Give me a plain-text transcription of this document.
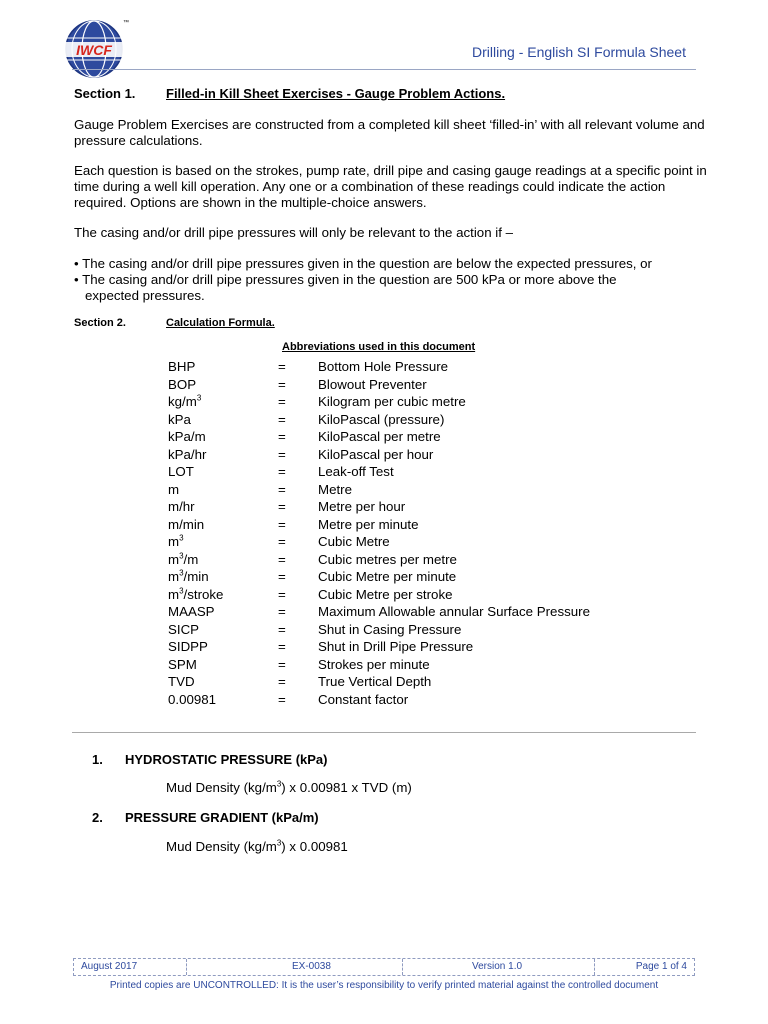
IWCF
™
Drilling - English SI Formula Sheet
Section 1. Filled-in Kill Sheet Exercises - Gauge Problem Actions.
Gauge Problem Exercises are constructed from a completed kill sheet ‘filled-in’ with all relevant volume and pressure calculations.
Each question is based on the strokes, pump rate, drill pipe and casing gauge readings at a specific point in time during a well kill operation. Any one or a combination of these readings could indicate the action required. Options are shown in the multiple-choice answers.
The casing and/or drill pipe pressures will only be relevant to the action if –
• The casing and/or drill pipe pressures given in the question are below the expected pressures, or
• The casing and/or drill pipe pressures given in the question are 500 kPa or more above the
expected pressures.
Section 2.	Calculation Formula.
Abbreviations used in this document
BHP	= Bottom Hole Pressure
BOP	= Blowout Preventer
$kg/m^3$	= Kilogram per cubic metre
kPa	= KiloPascal (pressure)
kPa/m	= KiloPascal per metre
kPa/hr	= KiloPascal per hour
LOT	= Leak-off Test
m	= Metre
m/hr	= Metre per hour
m/min	= Metre per minute
$m^3$	= Cubic Metre
$m^3/m$	= Cubic metres per metre
$m^3/\min$	= Cubic Metre per minute
$m^3$/stroke	= Cubic Metre per stroke
MAASP	= Maximum Allowable annular Surface Pressure
SICP	= Shut in Casing Pressure
SIDPP	= Shut in Drill Pipe Pressure
SPM	= Strokes per minute
TVD	= True Vertical Depth
0.00981	= Constant factor
1. HYDROSTATIC PRESSURE (kPa)
Mud Density $(kg/m^3)$ x 0.00981 x TVD (m)
2. PRESSURE GRADIENT (kPa/m)
Mud Density $(kg/m^3)$ x 0.00981
August 2017	EX-0038	Version 1.0	Page 1 of 4
Printed copies are UNCONTROLLED: It is the user’s responsibility to verify printed material against the controlled document
